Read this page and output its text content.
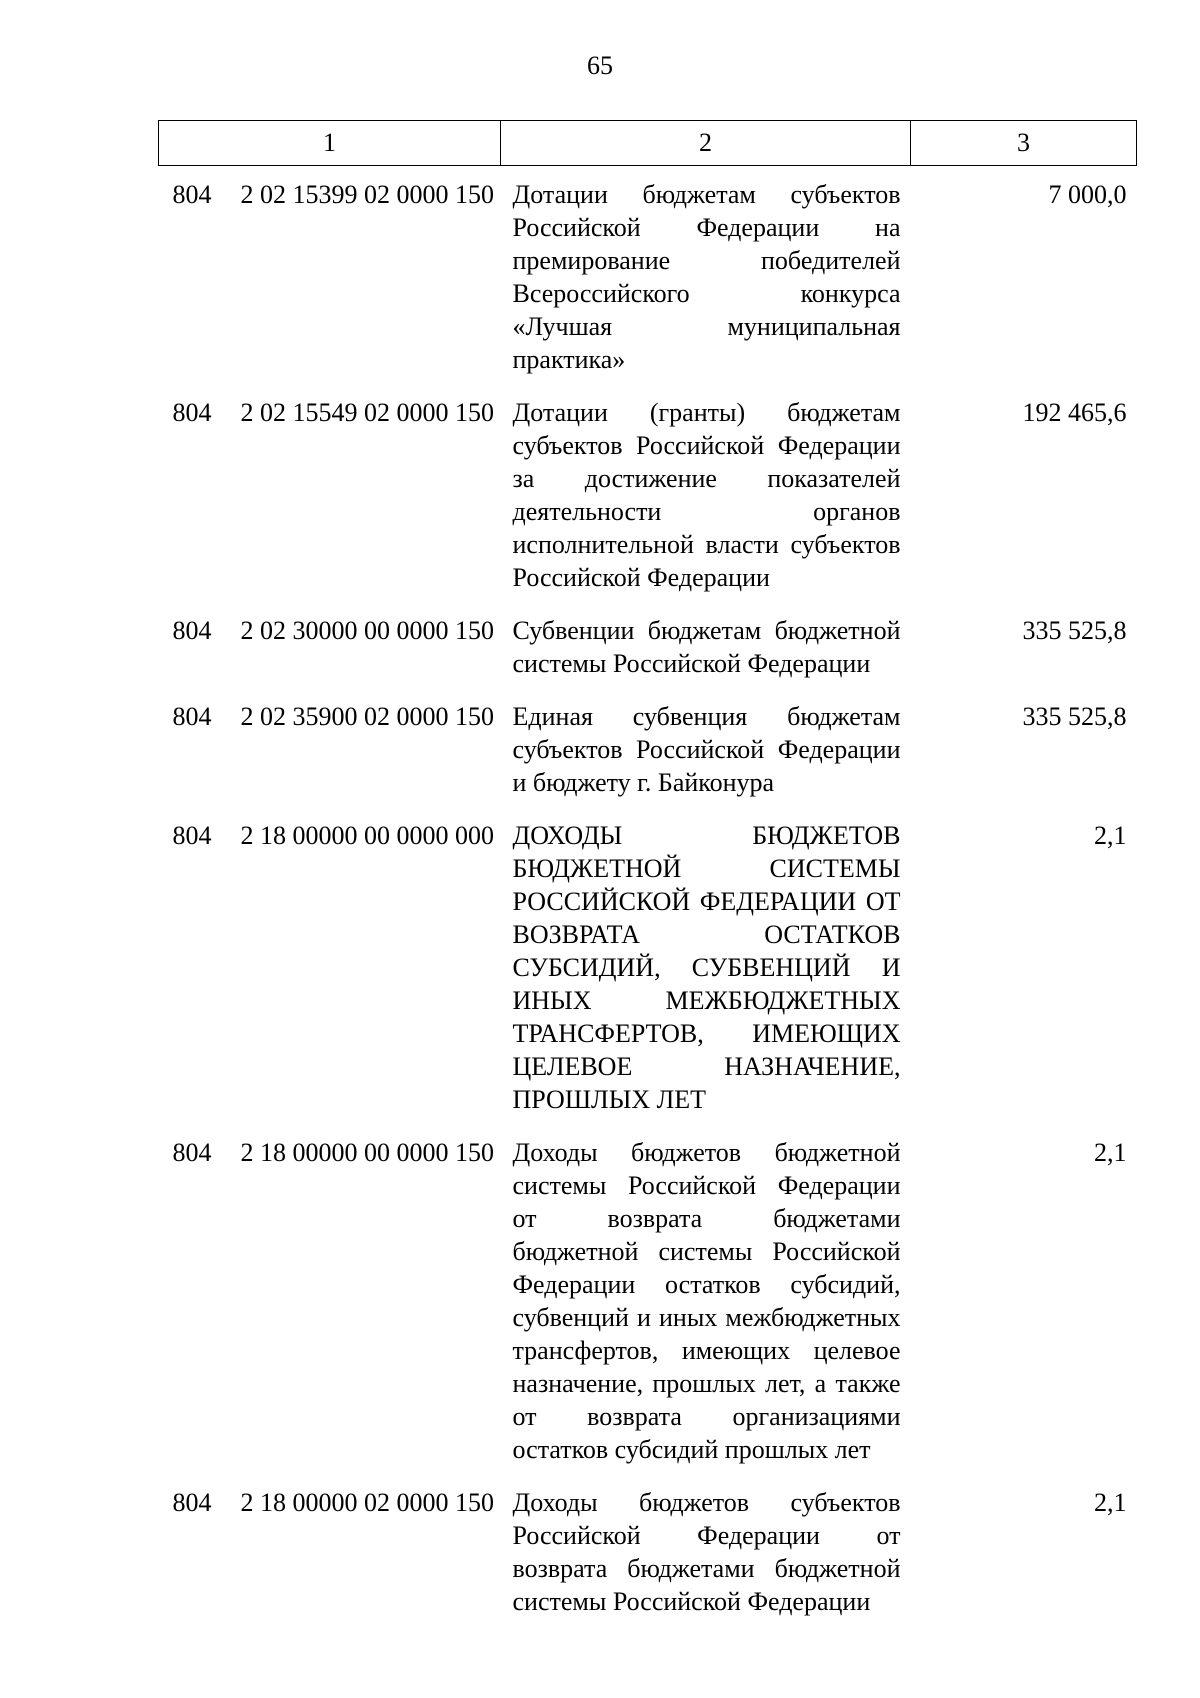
65
1	2	3
804 2 02 15399 02 0000 150	Дотации бюджетам субъектов Российской Федерации на премирование победителей Всероссийского конкурса «Лучшая муниципальная практика»	7 000,0
804 2 02 15549 02 0000 150	Дотации (гранты) бюджетам субъектов Российской Федерации за достижение показателей деятельности органов исполнительной власти субъектов Российской Федерации	192 465,6
804 2 02 30000 00 0000 150	Субвенции бюджетам бюджетной системы Российской Федерации	335 525,8
804 2 02 35900 02 0000 150	Единая субвенция бюджетам субъектов Российской Федерации и бюджету г. Байконура	335 525,8
804 2 18 00000 00 0000 000	ДОХОДЫ БЮДЖЕТОВ БЮДЖЕТНОЙ СИСТЕМЫ РОССИЙСКОЙ ФЕДЕРАЦИИ ОТ ВОЗВРАТА ОСТАТКОВ СУБСИДИЙ, СУБВЕНЦИЙ И ИНЫХ МЕЖБЮДЖЕТНЫХ ТРАНСФЕРТОВ, ИМЕЮЩИХ ЦЕЛЕВОЕ НАЗНАЧЕНИЕ, ПРОШЛЫХ ЛЕТ	2,1
804 2 18 00000 00 0000 150	Доходы бюджетов бюджетной системы Российской Федерации от возврата бюджетами бюджетной системы Российской Федерации остатков субсидий, субвенций и иных межбюджетных трансфертов, имеющих целевое назначение, прошлых лет, а также от возврата организациями остатков субсидий прошлых лет	2,1
804 2 18 00000 02 0000 150	Доходы бюджетов субъектов Российской Федерации от возврата бюджетами бюджетной системы Российской Федерации	2,1
